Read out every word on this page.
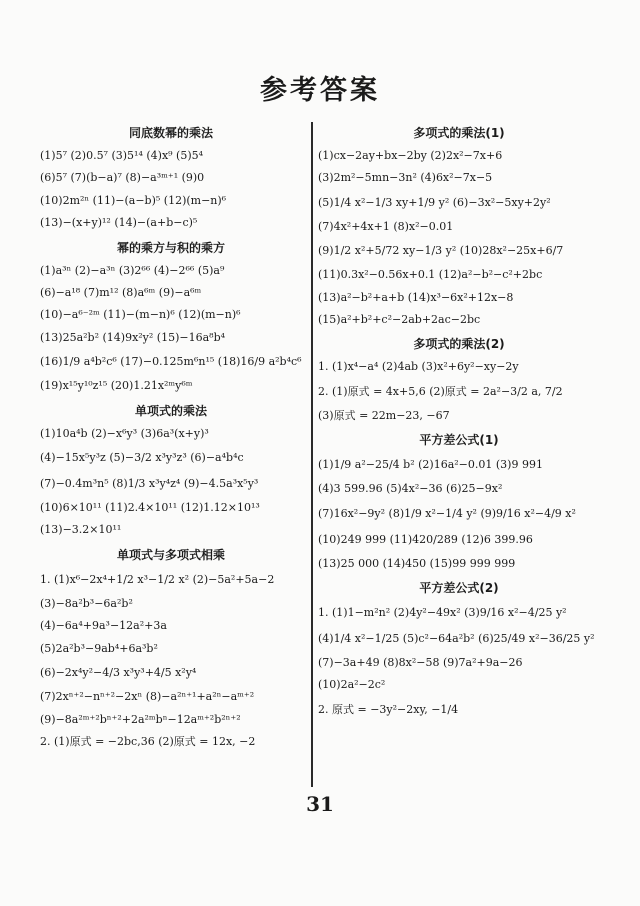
参考答案
同底数幂的乘法
(1)5⁷ (2)0.5⁷ (3)5¹⁴ (4)x⁹ (5)5⁴
(6)5⁷ (7)(b−a)⁷ (8)−a³ᵐ⁺¹ (9)0
(10)2m²ⁿ (11)−(a−b)⁵ (12)(m−n)⁶
(13)−(x+y)¹² (14)−(a+b−c)⁵
幂的乘方与积的乘方
(1)a³ⁿ (2)−a³ⁿ (3)2⁶⁶ (4)−2⁶⁶ (5)a⁹
(6)−a¹⁸ (7)m¹² (8)a⁶ᵐ (9)−a⁶ᵐ
(10)−a⁶⁻²ᵐ (11)−(m−n)⁶ (12)(m−n)⁶
(13)25a²b² (14)9x²y² (15)−16a⁸b⁴
(16)1/9 a⁴b²c⁶ (17)−0.125m⁶n¹⁵ (18)16/9 a²b⁴c⁶
(19)x¹⁵y¹⁰z¹⁵ (20)1.21x²ᵐy⁶ᵐ
单项式的乘法
(1)10a⁴b (2)−x⁶y³ (3)6a³(x+y)³
(4)−15x⁵y³z (5)−3/2 x³y³z³ (6)−a⁴b⁴c
(7)−0.4m³n⁵ (8)1/3 x³y⁴z⁴ (9)−4.5a³x⁵y³
(10)6×10¹¹ (11)2.4×10¹¹ (12)1.12×10¹³
(13)−3.2×10¹¹
单项式与多项式相乘
1. (1)x⁶−2x⁴+1/2 x³−1/2 x² (2)−5a²+5a−2
(3)−8a²b³−6a²b²
(4)−6a⁴+9a³−12a²+3a
(5)2a²b³−9ab⁴+6a³b²
(6)−2x⁴y²−4/3 x³y³+4/5 x²y⁴
(7)2xⁿ⁺²−nⁿ⁺²−2xⁿ (8)−a²ⁿ⁺¹+a²ⁿ−aᵐ⁺²
(9)−8a²ᵐ⁺²bⁿ⁺²+2a²ᵐbⁿ−12aᵐ⁺²b²ⁿ⁺²
2. (1)原式 = −2bc,36 (2)原式 = 12x, −2
多项式的乘法(1)
(1)cx−2ay+bx−2by (2)2x²−7x+6
(3)2m²−5mn−3n² (4)6x²−7x−5
(5)1/4 x²−1/3 xy+1/9 y² (6)−3x²−5xy+2y²
(7)4x²+4x+1 (8)x²−0.01
(9)1/2 x²+5/72 xy−1/3 y² (10)28x²−25x+6/7
(11)0.3x²−0.56x+0.1 (12)a²−b²−c²+2bc
(13)a²−b²+a+b (14)x³−6x²+12x−8
(15)a²+b²+c²−2ab+2ac−2bc
多项式的乘法(2)
1. (1)x⁴−a⁴ (2)4ab (3)x²+6y²−xy−2y
2. (1)原式 = 4x+5,6 (2)原式 = 2a²−3/2 a, 7/2
(3)原式 = 22m−23, −67
平方差公式(1)
(1)1/9 a²−25/4 b² (2)16a²−0.01 (3)9 991
(4)3 599.96 (5)4x²−36 (6)25−9x²
(7)16x²−9y² (8)1/9 x²−1/4 y² (9)9/16 x²−4/9 x²
(10)249 999 (11)420/289 (12)6 399.96
(13)25 000 (14)450 (15)99 999 999
平方差公式(2)
1. (1)1−m²n² (2)4y²−49x² (3)9/16 x²−4/25 y²
(4)1/4 x²−1/25 (5)c²−64a²b² (6)25/49 x²−36/25 y²
(7)−3a+49 (8)8x²−58 (9)7a²+9a−26
(10)2a²−2c²
2. 原式 = −3y²−2xy, −1/4
31
